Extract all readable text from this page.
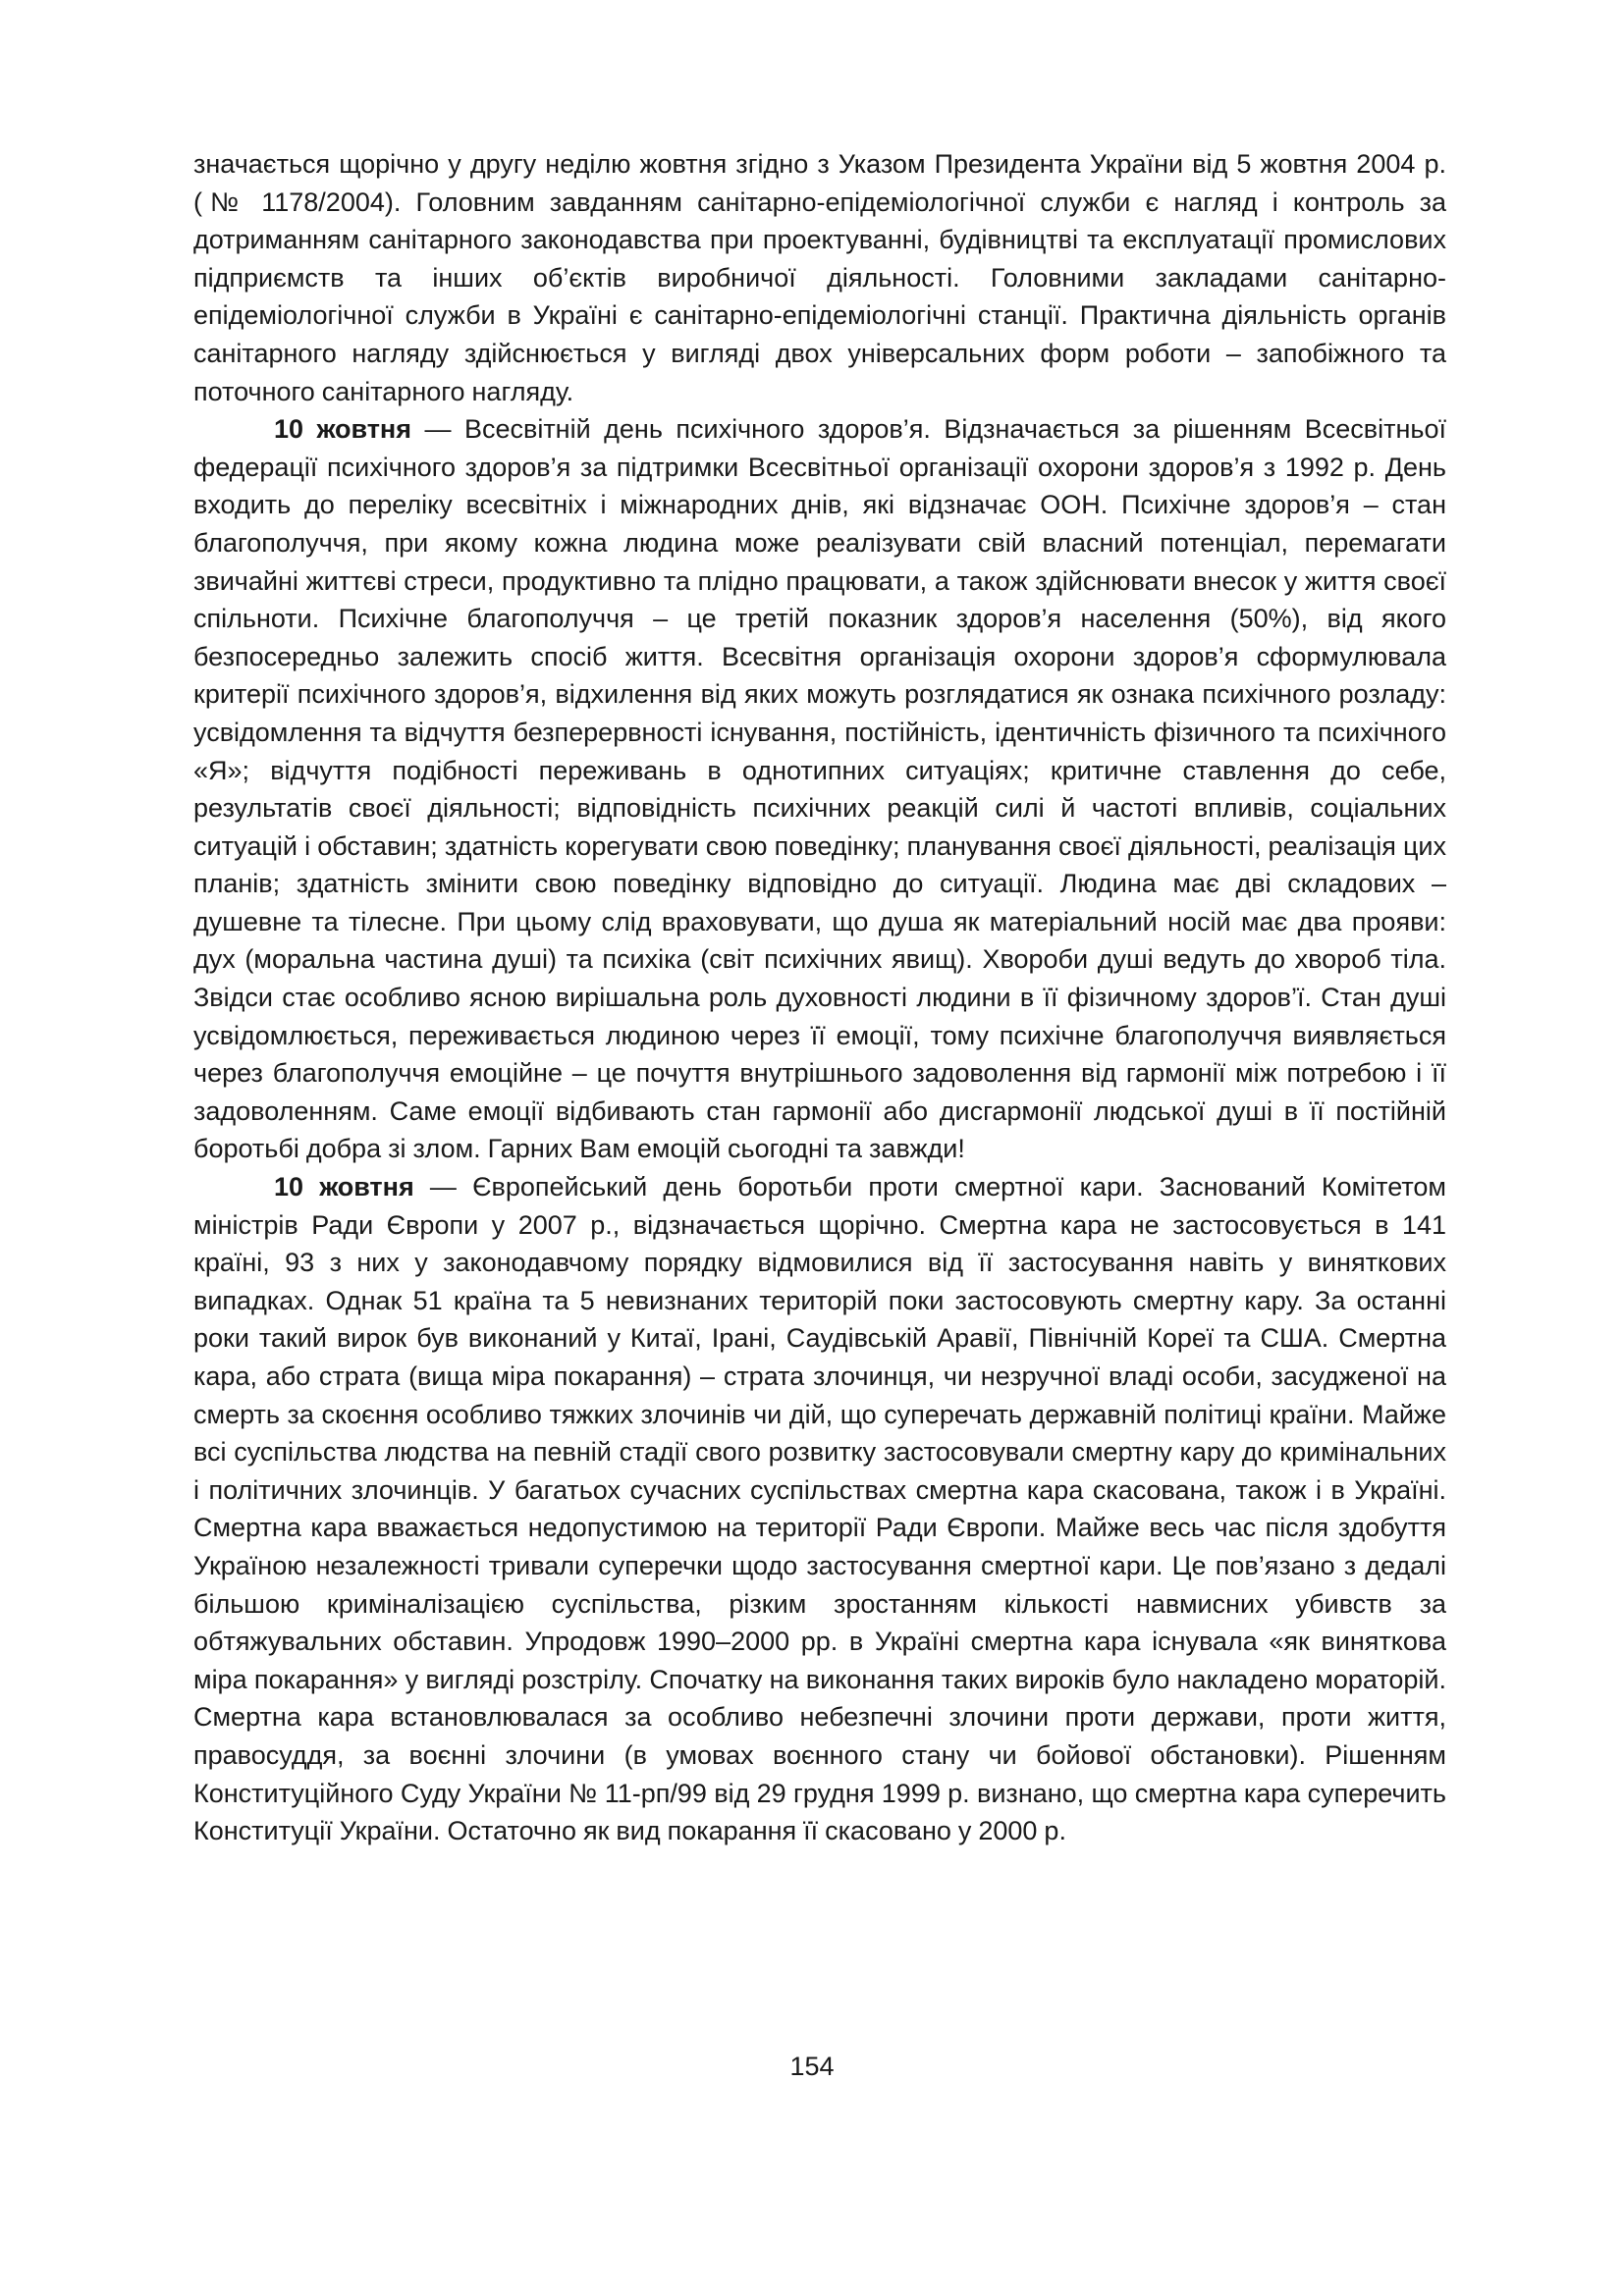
значається щорічно у другу неділю жовтня згідно з Указом Президента України від 5 жовтня 2004 р. (№ 1178/2004). Головним завданням санітарно-епідеміологічної служби є нагляд і контроль за дотриманням санітарного законодавства при проектуванні, будівництві та експлуатації промислових підприємств та інших об’єктів виробничої діяльності. Головними закладами санітарно-епідеміологічної служби в Україні є санітарно-епідеміологічні станції. Практична діяльність органів санітарного нагляду здійснюється у вигляді двох універсальних форм роботи – запобіжного та поточного санітарного нагляду.

10 жовтня — Всесвітній день психічного здоров’я. Відзначається за рішенням Всесвітньої федерації психічного здоров’я за підтримки Всесвітньої організації охорони здоров’я з 1992 р. День входить до переліку всесвітніх і міжнародних днів, які відзначає ООН. Психічне здоров’я – стан благополуччя, при якому кожна людина може реалізувати свій власний потенціал, перемагати звичайні життєві стреси, продуктивно та плідно працювати, а також здійснювати внесок у життя своєї спільноти. Психічне благополуччя – це третій показник здоров’я населення (50%), від якого безпосередньо залежить спосіб життя. Всесвітня організація охорони здоров’я сформулювала критерії психічного здоров’я, відхилення від яких можуть розглядатися як ознака психічного розладу: усвідомлення та відчуття безперервності існування, постійність, ідентичність фізичного та психічного «Я»; відчуття подібності переживань в однотипних ситуаціях; критичне ставлення до себе, результатів своєї діяльності; відповідність психічних реакцій силі й частоті впливів, соціальних ситуацій і обставин; здатність корегувати свою поведінку; планування своєї діяльності, реалізація цих планів; здатність змінити свою поведінку відповідно до ситуації. Людина має дві складових – душевне та тілесне. При цьому слід враховувати, що душа як матеріальний носій має два прояви: дух (моральна частина душі) та психіка (світ психічних явищ). Хвороби душі ведуть до хвороб тіла. Звідси стає особливо ясною вирішальна роль духовності людини в її фізичному здоров’ї. Стан душі усвідомлюється, переживається людиною через її емоції, тому психічне благополуччя виявляється через благополуччя емоційне – це почуття внутрішнього задоволення від гармонії між потребою і її задоволенням. Саме емоції відбивають стан гармонії або дисгармонії людської душі в її постійній боротьбі добра зі злом. Гарних Вам емоцій сьогодні та завжди!

10 жовтня — Європейський день боротьби проти смертної кари. Заснований Комітетом міністрів Ради Європи у 2007 р., відзначається щорічно. Смертна кара не застосовується в 141 країні, 93 з них у законодавчому порядку відмовилися від її застосування навіть у виняткових випадках. Однак 51 країна та 5 невизнаних територій поки застосовують смертну кару. За останні роки такий вирок був виконаний у Китаї, Ірані, Саудівській Аравії, Північній Кореї та США. Смертна кара, або страта (вища міра покарання) – страта злочинця, чи незручної владі особи, засудженої на смерть за скоєння особливо тяжких злочинів чи дій, що суперечать державній політиці країни. Майже всі суспільства людства на певній стадії свого розвитку застосовували смертну кару до кримінальних і політичних злочинців. У багатьох сучасних суспільствах смертна кара скасована, також і в Україні. Смертна кара вважається недопустимою на території Ради Європи. Майже весь час після здобуття Україною незалежності тривали суперечки щодо застосування смертної кари. Це пов’язано з дедалі більшою криміналізацією суспільства, різким зростанням кількості навмисних убивств за обтяжувальних обставин. Упродовж 1990–2000 рр. в Україні смертна кара існувала «як виняткова міра покарання» у вигляді розстрілу. Спочатку на виконання таких вироків було накладено мораторій. Смертна кара встановлювалася за особливо небезпечні злочини проти держави, проти життя, правосуддя, за воєнні злочини (в умовах воєнного стану чи бойової обстановки). Рішенням Конституційного Суду України № 11-рп/99 від 29 грудня 1999 р. визнано, що смертна кара суперечить Конституції України. Остаточно як вид покарання її скасовано у 2000 р.

154
